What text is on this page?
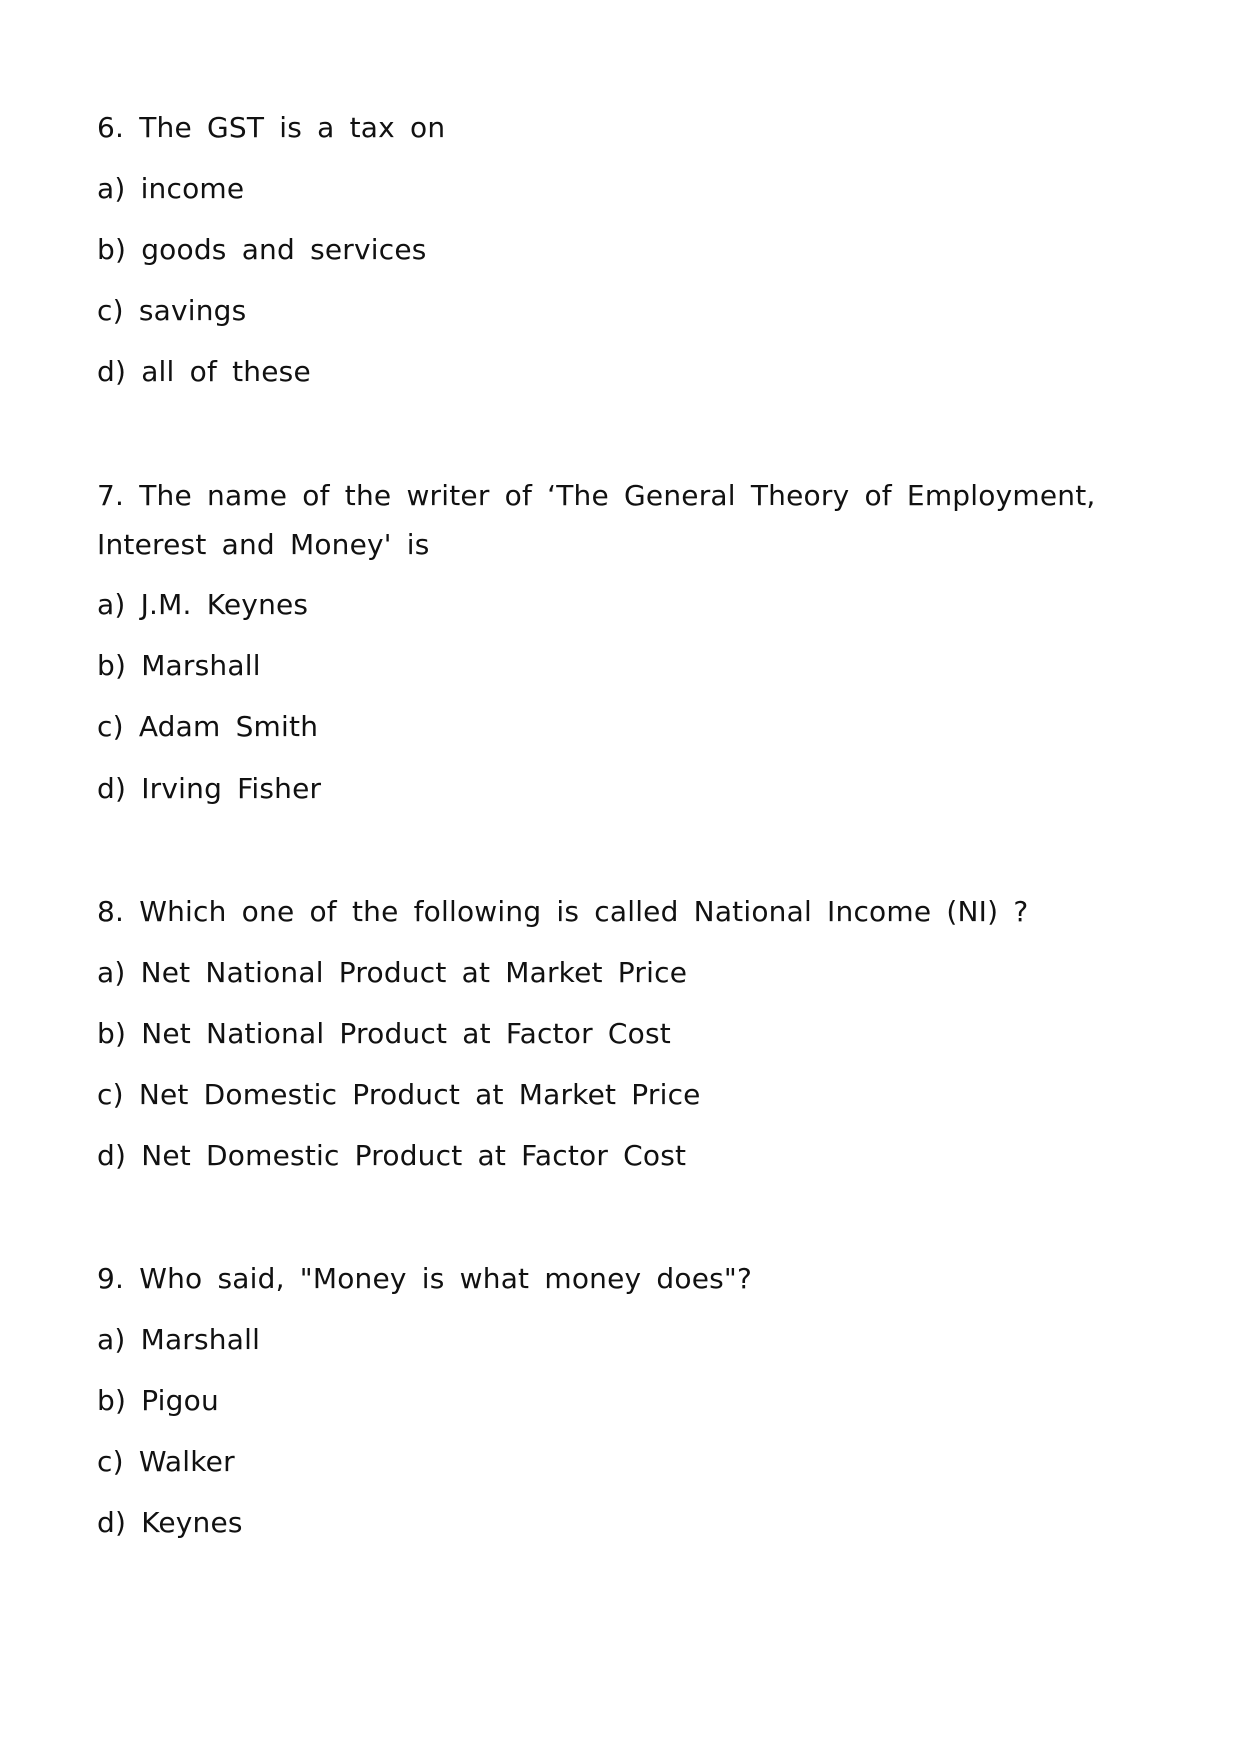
6. The GST is a tax on
a) income
b) goods and services
c) savings
d) all of these
7. The name of the writer of ‘The General Theory of Employment,
Interest and Money' is
a) J.M. Keynes
b) Marshall
c) Adam Smith
d) Irving Fisher
8. Which one of the following is called National Income (NI) ?
a) Net National Product at Market Price
b) Net National Product at Factor Cost
c) Net Domestic Product at Market Price
d) Net Domestic Product at Factor Cost
9. Who said, "Money is what money does"?
a) Marshall
b) Pigou
c) Walker
d) Keynes
